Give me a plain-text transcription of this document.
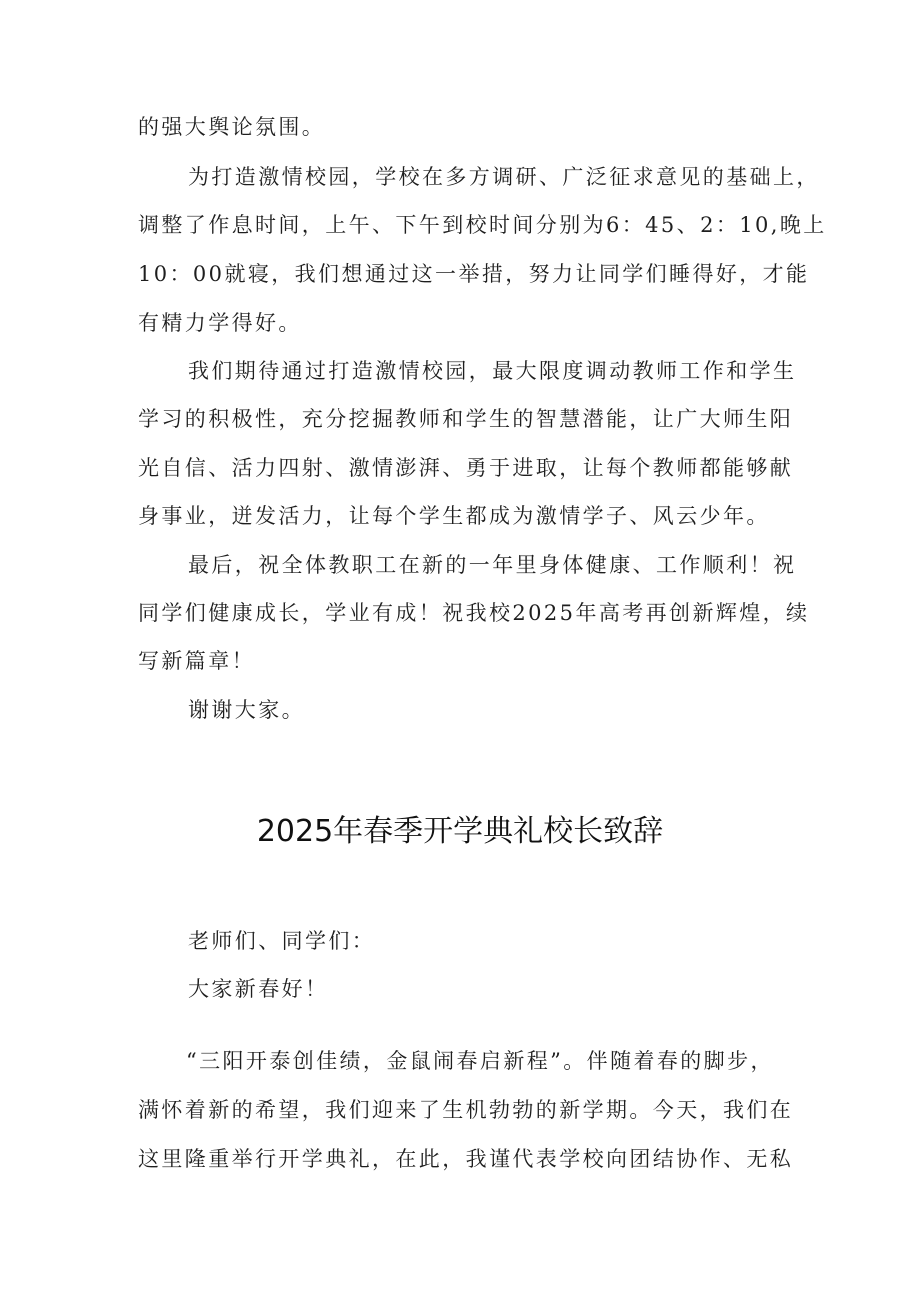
的强大舆论氛围。
为打造激情校园，学校在多方调研、广泛征求意见的基础上，
调整了作息时间，上午、下午到校时间分别为6：45、2：10,晚上
10：00就寝，我们想通过这一举措，努力让同学们睡得好，才能
有精力学得好。
我们期待通过打造激情校园，最大限度调动教师工作和学生
学习的积极性，充分挖掘教师和学生的智慧潜能，让广大师生阳
光自信、活力四射、激情澎湃、勇于进取，让每个教师都能够献
身事业，迸发活力，让每个学生都成为激情学子、风云少年。
最后，祝全体教职工在新的一年里身体健康、工作顺利！祝
同学们健康成长，学业有成！祝我校2025年高考再创新辉煌，续
写新篇章！
谢谢大家。
2025年春季开学典礼校长致辞
老师们、同学们：
大家新春好！
“三阳开泰创佳绩，金鼠闹春启新程”。伴随着春的脚步，
满怀着新的希望，我们迎来了生机勃勃的新学期。今天，我们在
这里隆重举行开学典礼，在此，我谨代表学校向团结协作、无私
